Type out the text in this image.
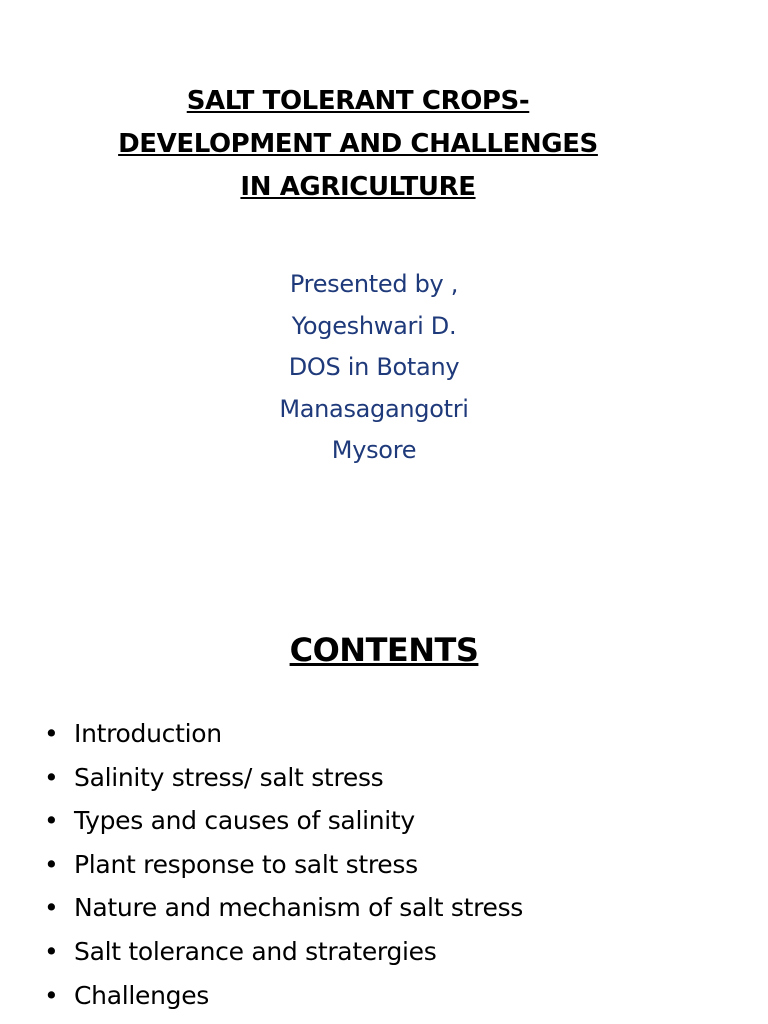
SALT TOLERANT CROPS-
DEVELOPMENT AND CHALLENGES
IN AGRICULTURE
Presented by ,
Yogeshwari D.
DOS in Botany
Manasagangotri
Mysore
CONTENTS
• Introduction
• Salinity stress/ salt stress
• Types and causes of salinity
• Plant response to salt stress
• Nature and mechanism of salt stress
• Salt tolerance and stratergies
• Challenges
